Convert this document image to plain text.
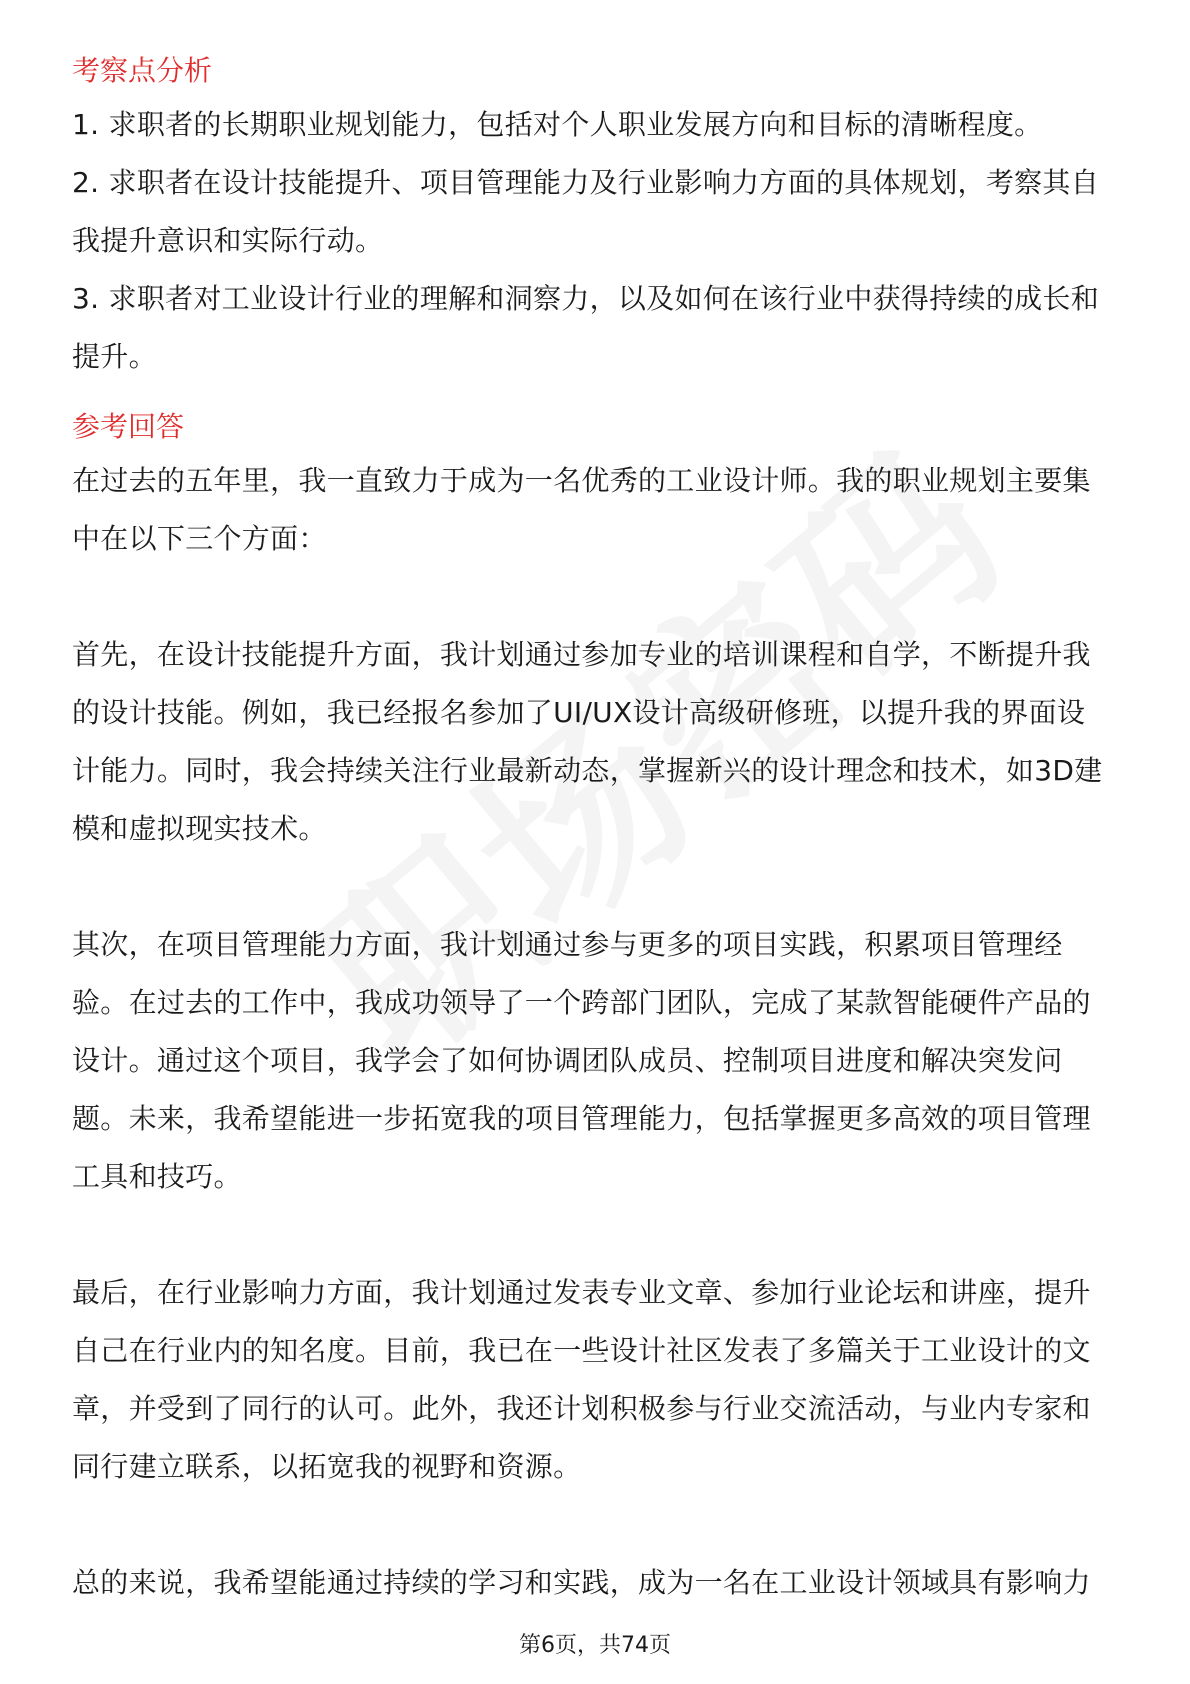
考察点分析
1. 求职者的长期职业规划能力，包括对个人职业发展方向和目标的清晰程度。
2. 求职者在设计技能提升、项目管理能力及行业影响力方面的具体规划，考察其自
我提升意识和实际行动。
3. 求职者对工业设计行业的理解和洞察力，以及如何在该行业中获得持续的成长和
提升。
参考回答
在过去的五年里，我一直致力于成为一名优秀的工业设计师。我的职业规划主要集
中在以下三个方面：
首先，在设计技能提升方面，我计划通过参加专业的培训课程和自学，不断提升我
的设计技能。例如，我已经报名参加了UI/UX设计高级研修班，以提升我的界面设
计能力。同时，我会持续关注行业最新动态，掌握新兴的设计理念和技术，如3D建
模和虚拟现实技术。
其次，在项目管理能力方面，我计划通过参与更多的项目实践，积累项目管理经
验。在过去的工作中，我成功领导了一个跨部门团队，完成了某款智能硬件产品的
设计。通过这个项目，我学会了如何协调团队成员、控制项目进度和解决突发问
题。未来，我希望能进一步拓宽我的项目管理能力，包括掌握更多高效的项目管理
工具和技巧。
最后，在行业影响力方面，我计划通过发表专业文章、参加行业论坛和讲座，提升
自己在行业内的知名度。目前，我已在一些设计社区发表了多篇关于工业设计的文
章，并受到了同行的认可。此外，我还计划积极参与行业交流活动，与业内专家和
同行建立联系，以拓宽我的视野和资源。
总的来说，我希望能通过持续的学习和实践，成为一名在工业设计领域具有影响力
第6页，共74页
